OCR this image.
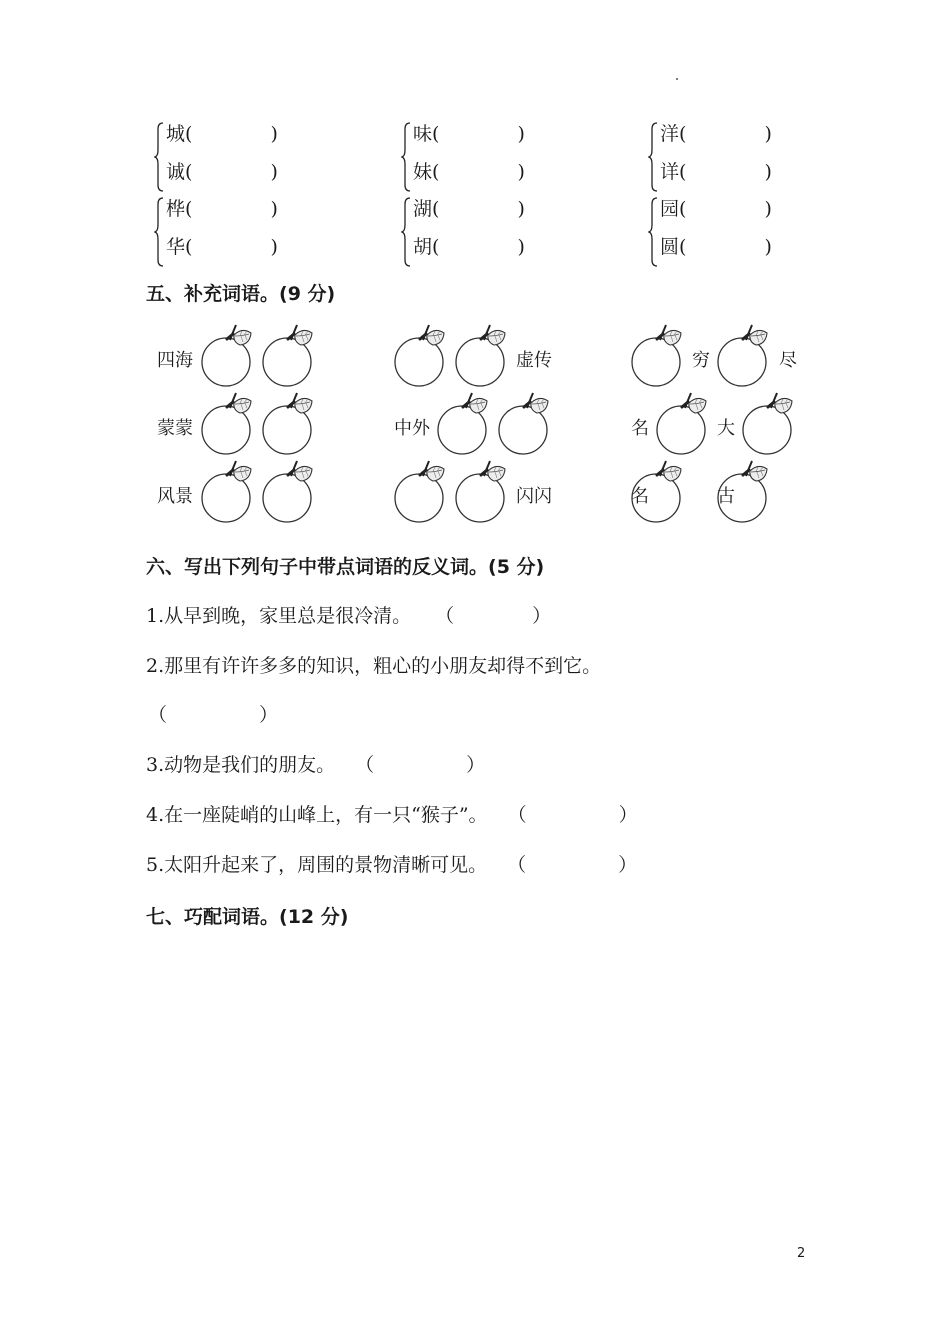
城(	)
诚(	)
味(	)
妹(	)
洋(	)
详(	)
桦(	)
华(	)
湖(	)
胡(	)
园(	)
圆(	)
五、补充词语。(9 分)
四海	虚传	穷	尽
蒙蒙	中外	名	大
风景	闪闪	名	古
六、写出下列句子中带点词语的反义词。(5 分)
1.从早到晚，家里总是很冷清。 （	）
2.那里有许许多多的知识，粗心的小朋友却得不到它。
（	）
3.动物是我们的朋友。 （	）
4.在一座陡峭的山峰上，有一只“猴子”。 （	）
5.太阳升起来了，周围的景物清晰可见。 （	）
七、巧配词语。(12 分)
2
